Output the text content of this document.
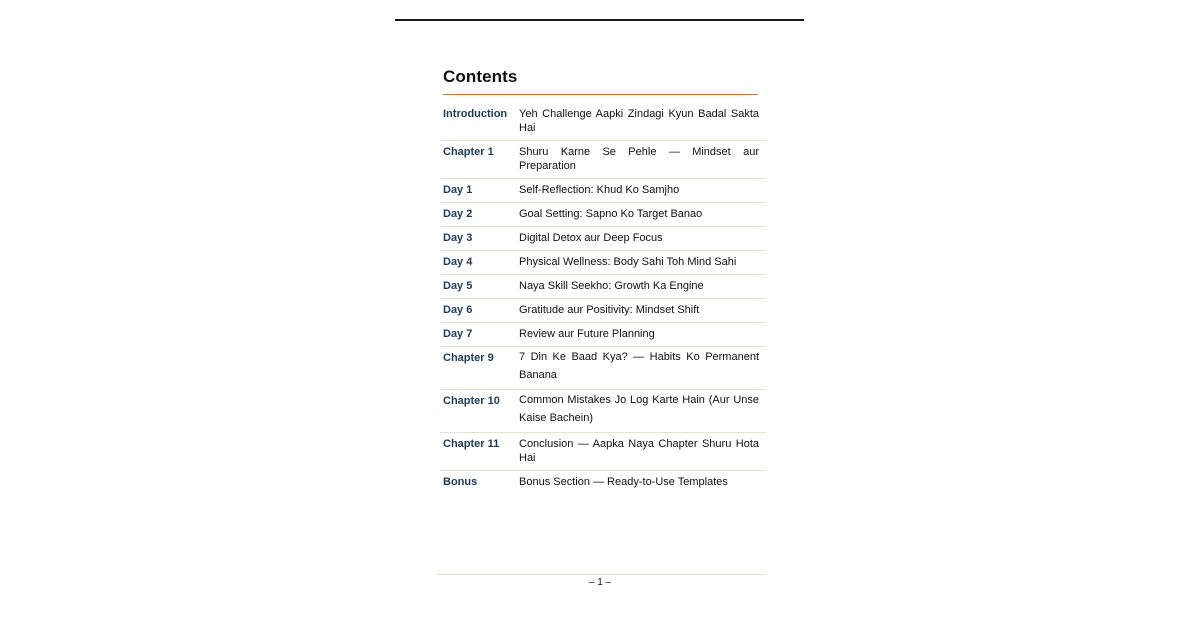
Contents
Introduction	Yeh Challenge Aapki Zindagi Kyun Badal Sakta Hai
Chapter 1	Shuru Karne Se Pehle — Mindset aur Preparation
Day 1	Self-Reflection: Khud Ko Samjho
Day 2	Goal Setting: Sapno Ko Target Banao
Day 3	Digital Detox aur Deep Focus
Day 4	Physical Wellness: Body Sahi Toh Mind Sahi
Day 5	Naya Skill Seekho: Growth Ka Engine
Day 6	Gratitude aur Positivity: Mindset Shift
Day 7	Review aur Future Planning
Chapter 9	7 Din Ke Baad Kya? — Habits Ko Permanent Banana
Chapter 10	Common Mistakes Jo Log Karte Hain (Aur Unse Kaise Bachein)
Chapter 11	Conclusion — Aapka Naya Chapter Shuru Hota Hai
Bonus	Bonus Section — Ready-to-Use Templates
– 1 –
